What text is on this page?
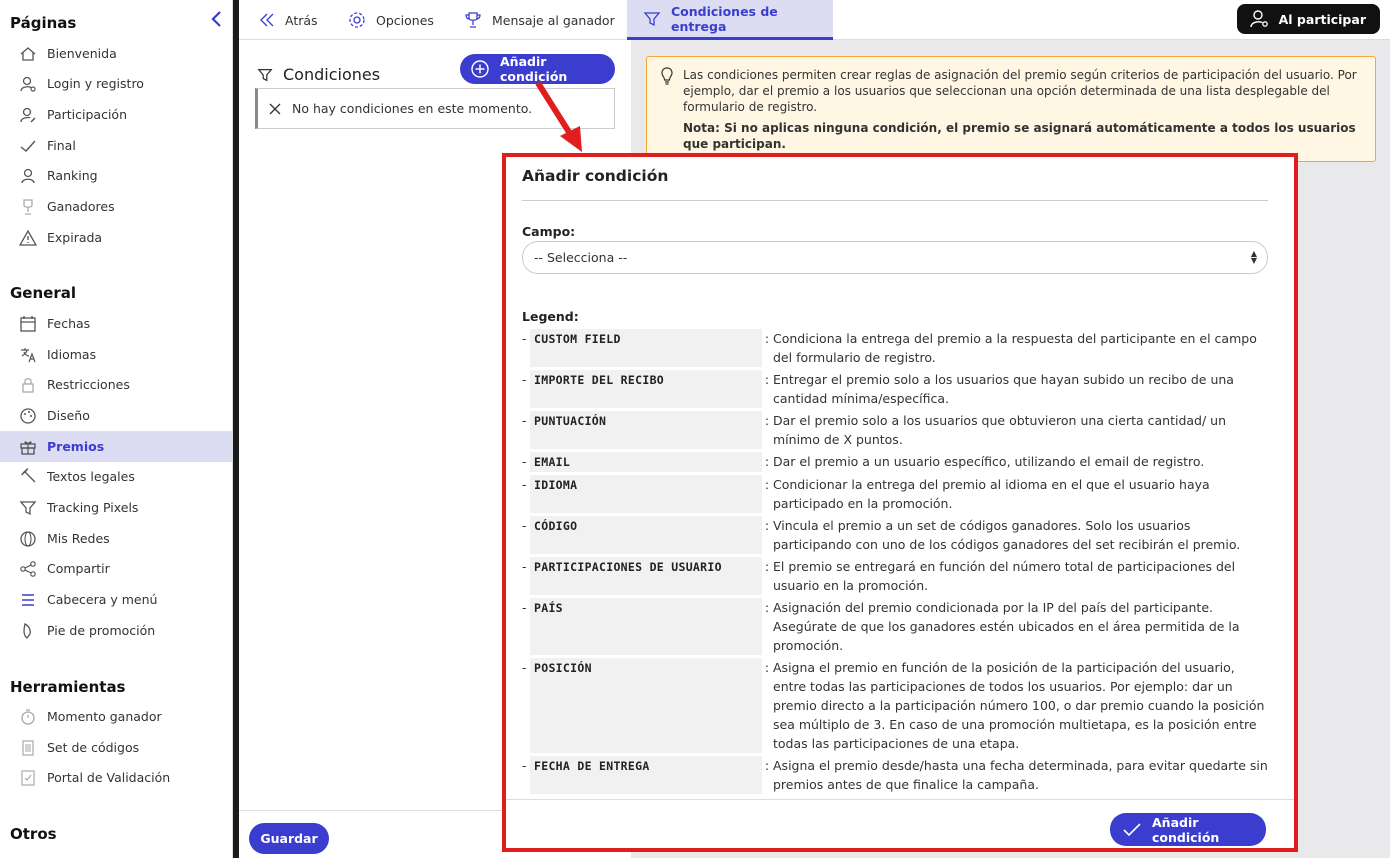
Páginas
Bienvenida
Login y registro
Participación
Final
Ranking
Ganadores
Expirada
General
Fechas
Idiomas
Restricciones
Diseño
Premios
Textos legales
Tracking Pixels
Mis Redes
Compartir
Cabecera y menú
Pie de promoción
Herramientas
Momento ganador
Set de códigos
Portal de Validación
Otros
Atrás	Opciones	Mensaje al ganador
Condiciones de entrega	Al participar
Condiciones
Añadir condición
No hay condiciones en este momento.
Guardar

Las condiciones permiten crear reglas de asignación del premio según criterios de participación del usuario. Por ejemplo, dar el premio a los usuarios que seleccionan una opción determinada de una lista desplegable del formulario de registro.

Nota: Si no aplicas ninguna condición, el premio se asignará automáticamente a todos los usuarios que participan.

Añadir condición
Campo:
-- Selecciona --	▲
▼
Legend:
- CUSTOM FIELD	: Condiciona la entrega del premio a la respuesta del participante en el campo del formulario de registro.
- IMPORTE DEL RECIBO	: Entregar el premio solo a los usuarios que hayan subido un recibo de una cantidad mínima/específica.
- PUNTUACIÓN	: Dar el premio solo a los usuarios que obtuvieron una cierta cantidad/ un mínimo de X puntos.
- EMAIL	: Dar el premio a un usuario específico, utilizando el email de registro.
- IDIOMA	: Condicionar la entrega del premio al idioma en el que el usuario haya participado en la promoción.
- CÓDIGO	: Vincula el premio a un set de códigos ganadores. Solo los usuarios participando con uno de los códigos ganadores del set recibirán el premio.
- PARTICIPACIONES DE USUARIO	: El premio se entregará en función del número total de participaciones del usuario en la promoción.
- PAÍS	: Asignación del premio condicionada por la IP del país del participante. Asegúrate de que los ganadores estén ubicados en el área permitida de la promoción.
- POSICIÓN	: Asigna el premio en función de la posición de la participación del usuario, entre todas las participaciones de todos los usuarios. Por ejemplo: dar un premio directo a la participación número 100, o dar premio cuando la posición sea múltiplo de 3. En caso de una promoción multietapa, es la posición entre todas las participaciones de una etapa.
- FECHA DE ENTREGA	: Asigna el premio desde/hasta una fecha determinada, para evitar quedarte sin premios antes de que finalice la campaña.
Añadir condición
